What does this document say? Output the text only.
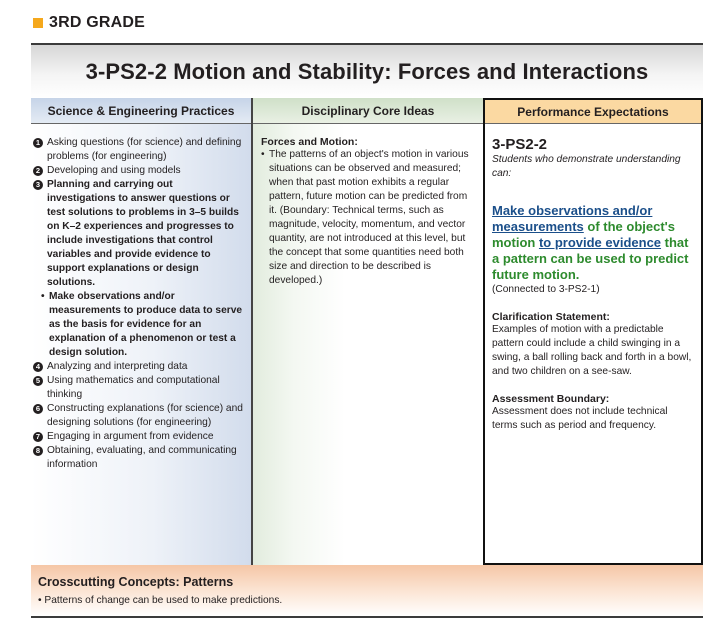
3RD GRADE
3-PS2-2 Motion and Stability: Forces and Interactions
Science & Engineering Practices
1 Asking questions (for science) and defining problems (for engineering)
2 Developing and using models
3 Planning and carrying out investigations to answer questions or test solutions to problems in 3–5 builds on K–2 experiences and progresses to include investigations that control variables and provide evidence to support explanations or design solutions.
• Make observations and/or measurements to produce data to serve as the basis for evidence for an explanation of a phenomenon or test a design solution.
4 Analyzing and interpreting data
5 Using mathematics and computational thinking
6 Constructing explanations (for science) and designing solutions (for engineering)
7 Engaging in argument from evidence
8 Obtaining, evaluating, and communicating information
Disciplinary Core Ideas
Forces and Motion:
• The patterns of an object's motion in various situations can be observed and measured; when that past motion exhibits a regular pattern, future motion can be predicted from it. (Boundary: Technical terms, such as magnitude, velocity, momentum, and vector quantity, are not introduced at this level, but the concept that some quantities need both size and direction to be described is developed.)
Performance Expectations
3-PS2-2
Students who demonstrate understanding can:
Make observations and/or measurements of the object's motion to provide evidence that a pattern can be used to predict future motion.
(Connected to 3-PS2-1)
Clarification Statement:
Examples of motion with a predictable pattern could include a child swinging in a swing, a ball rolling back and forth in a bowl, and two children on a see-saw.
Assessment Boundary:
Assessment does not include technical terms such as period and frequency.
Crosscutting Concepts: Patterns
• Patterns of change can be used to make predictions.
